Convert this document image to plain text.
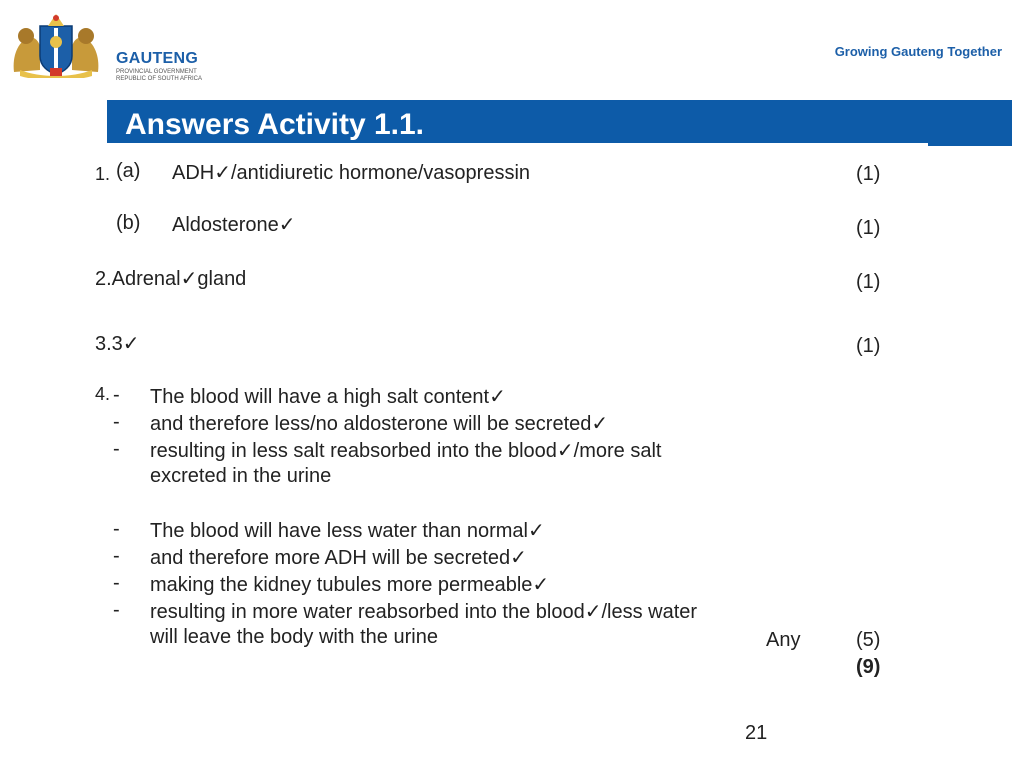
GAUTENG
PROVINCIAL GOVERNMENT
REPUBLIC OF SOUTH AFRICA
Growing Gauteng Together
Answers Activity 1.1.
1. (a) ADH✓/antidiuretic hormone/vasopressin	(1)
(b) Aldosterone✓	(1)
2.Adrenal✓gland	(1)
3.3✓	(1)
4. - The blood will have a high salt content✓
- and therefore less/no aldosterone will be secreted✓
- resulting in less salt reabsorbed into the blood✓/more salt
excreted in the urine
- The blood will have less water than normal✓
- and therefore more ADH will be secreted✓
- making the kidney tubules more permeable✓
- resulting in more water reabsorbed into the blood✓/less water
will leave the body with the urine	Any	(5)
(9)
21
